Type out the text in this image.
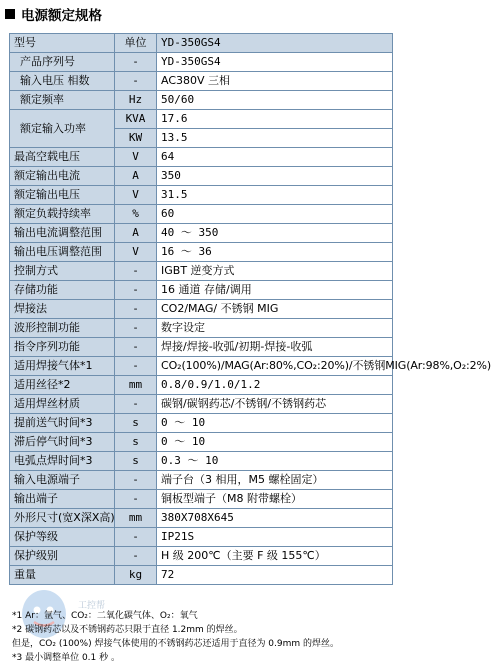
电源额定规格
型号	单位	YD-350GS4
产品序列号	-	YD-350GS4
输入电压 相数	-	AC380V 三相
额定频率	Hz	50/60
额定输入功率	KVA	17.6
	KW	13.5
最高空载电压	V	64
额定输出电流	A	350
额定输出电压	V	31.5
额定负载持续率	%	60
输出电流调整范围	A	40 ～ 350
输出电压调整范围	V	16 ～ 36
控制方式	-	IGBT 逆变方式
存储功能	-	16 通道 存储/调用
焊接法	-	CO2/MAG/ 不锈钢 MIG
波形控制功能	-	数字设定
指令序列功能	-	焊接/焊接-收弧/初期-焊接-收弧
适用焊接气体*1	-	CO₂(100%)/MAG(Ar:80%,CO₂:20%)/不锈钢MIG(Ar:98%,O₂:2%)
适用丝径*2	mm	0.8/0.9/1.0/1.2
适用焊丝材质	-	碳钢/碳钢药芯/不锈钢/不锈钢药芯
提前送气时间*3	s	0 ～ 10
滞后停气时间*3	s	0 ～ 10
电弧点焊时间*3	s	0.3 ～ 10
输入电源端子	-	端子台（3 相用，M5 螺栓固定）
输出端子	-	铜板型端子（M8 附带螺栓）
外形尺寸(宽X深X高)	mm	380X708X645
保护等级	-	IP21S
保护级别	-	H 级 200℃（主要 F 级 155℃）
重量	kg	72
工控帮
*1 Ar：氩气、CO₂：二氧化碳气体、O₂：氧气
*2 碳钢药芯以及不锈钢药芯只限于直径 1.2mm 的焊丝。
但是，CO₂ (100%) 焊接气体使用的不锈钢药芯还适用于直径为 0.9mm 的焊丝。
*3 最小调整单位 0.1 秒 。
